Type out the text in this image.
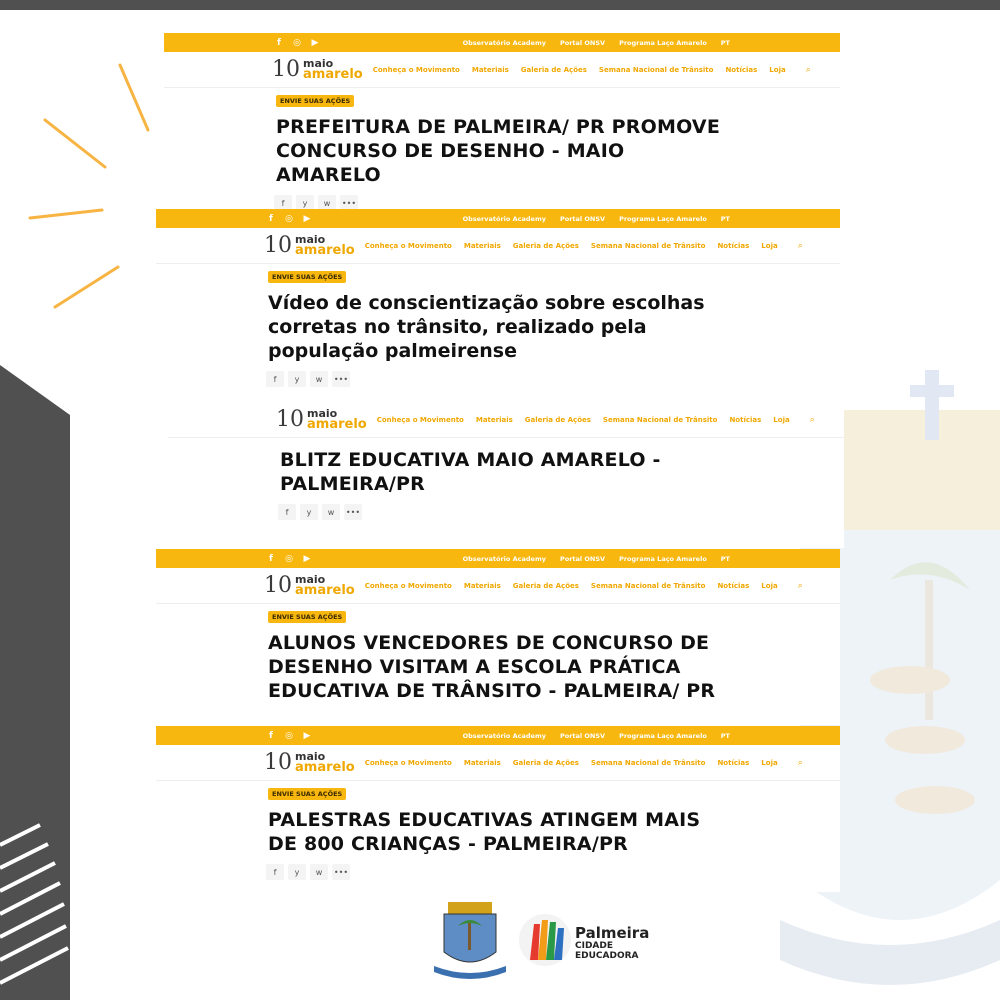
f	◎ ▶	Observatório Academy Portal ONSV Programa Laço Amarelo PT
10 maio
amarelo Conheça o Movimento Materiais Galeria de Ações Semana Nacional de Trânsito Notícias Loja ⌕
ENVIE SUAS AÇÕES
PREFEITURA DE PALMEIRA/ PR PROMOVE CONCURSO DE DESENHO - MAIO AMARELO
f	y	w	•••
f	◎ ▶	Observatório Academy Portal ONSV Programa Laço Amarelo PT
10 maio
amarelo Conheça o Movimento Materiais Galeria de Ações Semana Nacional de Trânsito Notícias Loja ⌕
ENVIE SUAS AÇÕES
Vídeo de conscientização sobre escolhas corretas no trânsito, realizado pela população palmeirense
f	y	w	•••
10 maio
amarelo Conheça o Movimento Materiais Galeria de Ações Semana Nacional de Trânsito Notícias Loja ⌕
BLITZ EDUCATIVA MAIO AMARELO - PALMEIRA/PR
f	y	w	•••
f	◎ ▶	Observatório Academy Portal ONSV Programa Laço Amarelo PT
10 maio
amarelo Conheça o Movimento Materiais Galeria de Ações Semana Nacional de Trânsito Notícias Loja ⌕
ENVIE SUAS AÇÕES
ALUNOS VENCEDORES DE CONCURSO DE DESENHO VISITAM A ESCOLA PRÁTICA EDUCATIVA DE TRÂNSITO - PALMEIRA/ PR
f	◎ ▶	Observatório Academy Portal ONSV Programa Laço Amarelo PT
10 maio
amarelo Conheça o Movimento Materiais Galeria de Ações Semana Nacional de Trânsito Notícias Loja ⌕
ENVIE SUAS AÇÕES
PALESTRAS EDUCATIVAS ATINGEM MAIS DE 800 CRIANÇAS - PALMEIRA/PR
f	y	w	•••
Palmeira
CIDADE
EDUCADORA
